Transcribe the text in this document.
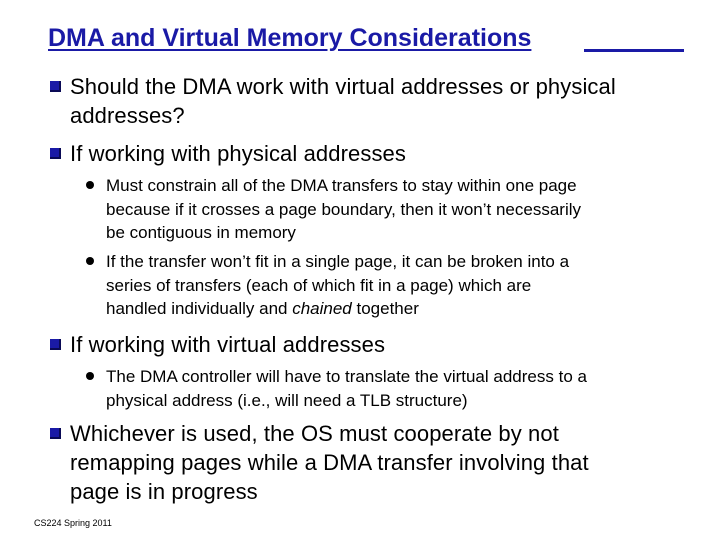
DMA and Virtual Memory Considerations
Should the DMA work with virtual addresses or physical
addresses?
If working with physical addresses
Must constrain all of the DMA transfers to stay within one page
because if it crosses a page boundary, then it won’t necessarily
be contiguous in memory
If the transfer won’t fit in a single page, it can be broken into a
series of transfers (each of which fit in a page) which are
handled individually and chained together
If working with virtual addresses
The DMA controller will have to translate the virtual address to a
physical address (i.e., will need a TLB structure)
Whichever is used, the OS must cooperate by not
remapping pages while a DMA transfer involving that
page is in progress
CS224 Spring 2011
